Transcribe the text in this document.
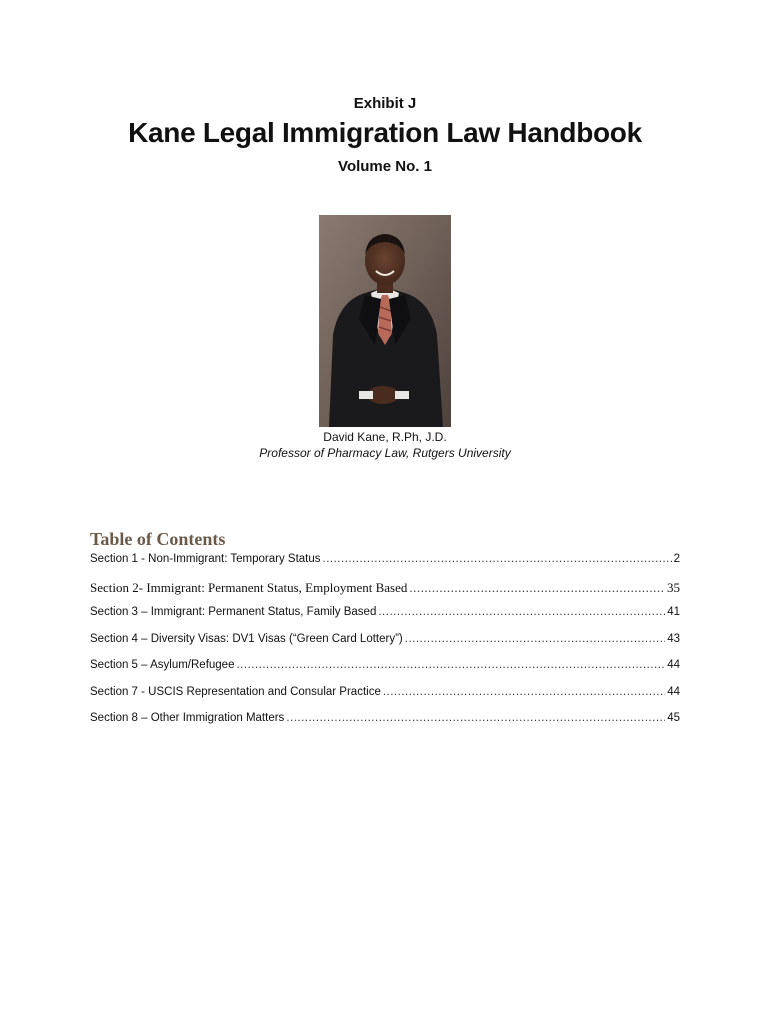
Exhibit J
Kane Legal Immigration Law Handbook
Volume No. 1
David Kane, R.Ph, J.D.
Professor of Pharmacy Law, Rutgers University
Table of Contents
Section 1 - Non-Immigrant: Temporary Status .....	2
Section 2- Immigrant: Permanent Status, Employment Based .....	35
Section 3 – Immigrant: Permanent Status, Family Based .....	41
Section 4 – Diversity Visas: DV1 Visas (“Green Card Lottery”) .....	43
Section 5 – Asylum/Refugee .....	44
Section 7 - USCIS Representation and Consular Practice .....	44
Section 8 – Other Immigration Matters .....	45
